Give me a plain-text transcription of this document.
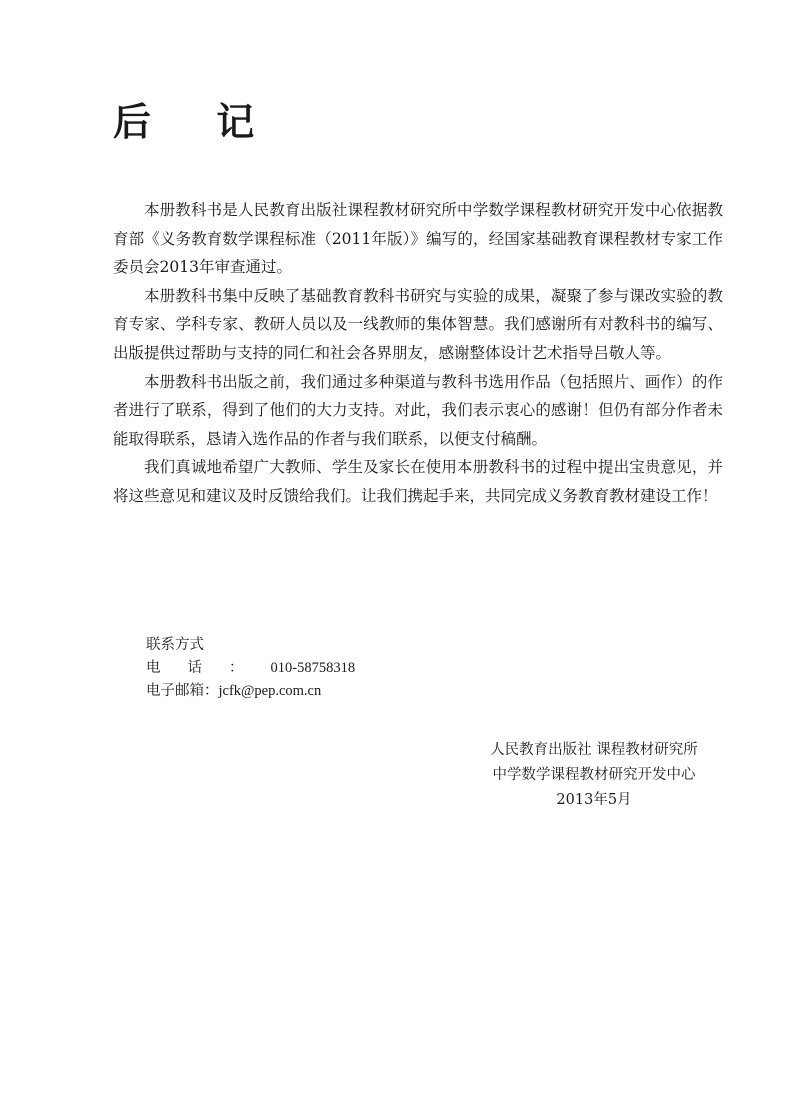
后 记

本册教科书是人民教育出版社课程教材研究所中学数学课程教材研究开发中心依据教育部《义务教育数学课程标准（2011年版）》编写的，经国家基础教育课程教材专家工作委员会2013年审查通过。

本册教科书集中反映了基础教育教科书研究与实验的成果，凝聚了参与课改实验的教育专家、学科专家、教研人员以及一线教师的集体智慧。我们感谢所有对教科书的编写、出版提供过帮助与支持的同仁和社会各界朋友，感谢整体设计艺术指导吕敬人等。

本册教科书出版之前，我们通过多种渠道与教科书选用作品（包括照片、画作）的作者进行了联系，得到了他们的大力支持。对此，我们表示衷心的感谢！但仍有部分作者未能取得联系，恳请入选作品的作者与我们联系，以便支付稿酬。

我们真诚地希望广大教师、学生及家长在使用本册教科书的过程中提出宝贵意见，并将这些意见和建议及时反馈给我们。让我们携起手来，共同完成义务教育教材建设工作！

联系方式
电话： 010-58758318
电子邮箱： jcfk@pep.com.cn
人民教育出版社 课程教材研究所
中学数学课程教材研究开发中心
2013年5月
